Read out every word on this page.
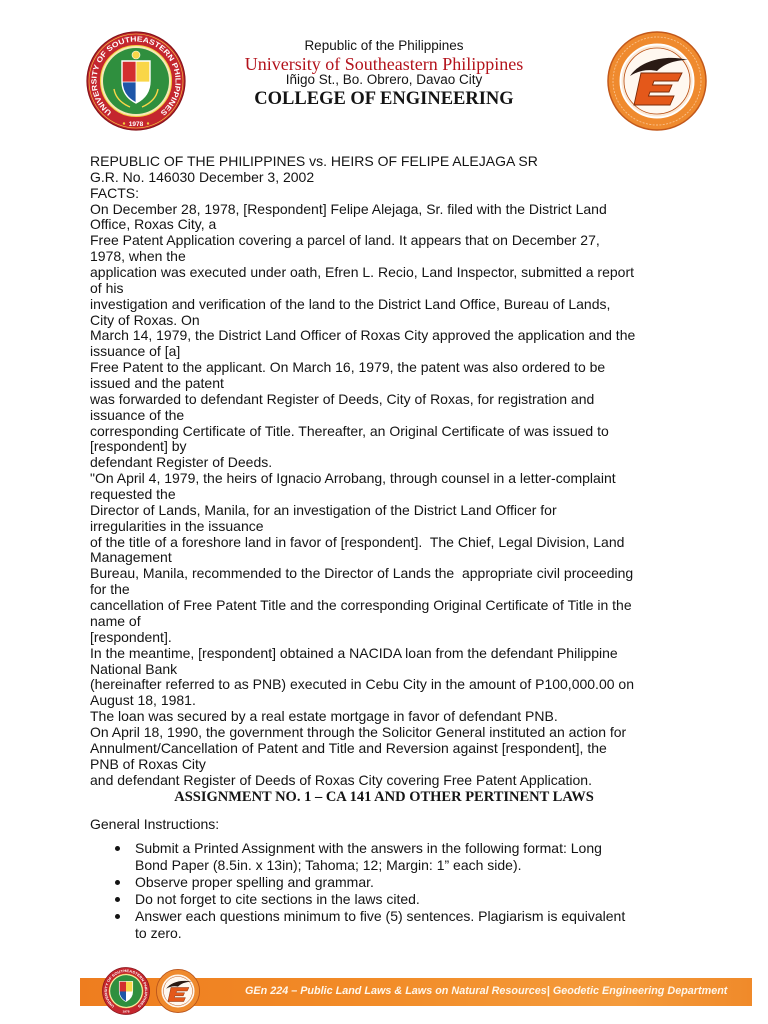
UNIVERSITY OF SOUTHEASTERN PHILIPPINES
1978
Republic of the Philippines
University of Southeastern Philippines
Iñigo St., Bo. Obrero, Davao City
COLLEGE OF ENGINEERING
REPUBLIC OF THE PHILIPPINES vs. HEIRS OF FELIPE ALEJAGA SR
G.R. No. 146030 December 3, 2002
FACTS:
On December 28, 1978, [Respondent] Felipe Alejaga, Sr. filed with the District Land
Office, Roxas City, a
Free Patent Application covering a parcel of land. It appears that on December 27,
1978, when the
application was executed under oath, Efren L. Recio, Land Inspector, submitted a report
of his
investigation and verification of the land to the District Land Office, Bureau of Lands,
City of Roxas. On
March 14, 1979, the District Land Officer of Roxas City approved the application and the
issuance of [a]
Free Patent to the applicant. On March 16, 1979, the patent was also ordered to be
issued and the patent
was forwarded to defendant Register of Deeds, City of Roxas, for registration and
issuance of the
corresponding Certificate of Title. Thereafter, an Original Certificate of was issued to
[respondent] by
defendant Register of Deeds.
"On April 4, 1979, the heirs of Ignacio Arrobang, through counsel in a letter-complaint
requested the
Director of Lands, Manila, for an investigation of the District Land Officer for
irregularities in the issuance
of the title of a foreshore land in favor of [respondent].  The Chief, Legal Division, Land
Management
Bureau, Manila, recommended to the Director of Lands the  appropriate civil proceeding
for the
cancellation of Free Patent Title and the corresponding Original Certificate of Title in the
name of
[respondent].
In the meantime, [respondent] obtained a NACIDA loan from the defendant Philippine
National Bank
(hereinafter referred to as PNB) executed in Cebu City in the amount of P100,000.00 on
August 18, 1981.
The loan was secured by a real estate mortgage in favor of defendant PNB.
On April 18, 1990, the government through the Solicitor General instituted an action for
Annulment/Cancellation of Patent and Title and Reversion against [respondent], the
PNB of Roxas City
and defendant Register of Deeds of Roxas City covering Free Patent Application.
ASSIGNMENT NO. 1 – CA 141 AND OTHER PERTINENT LAWS
General Instructions:
Submit a Printed Assignment with the answers in the following format: Long
Bond Paper (8.5in. x 13in); Tahoma; 12; Margin: 1” each side).
Observe proper spelling and grammar.
Do not forget to cite sections in the laws cited.
Answer each questions minimum to five (5) sentences. Plagiarism is equivalent
to zero.
UNIVERSITY OF SOUTHEASTERN PHILIPPINES
1978
GEn 224 – Public Land Laws & Laws on Natural Resources| Geodetic Engineering Department
